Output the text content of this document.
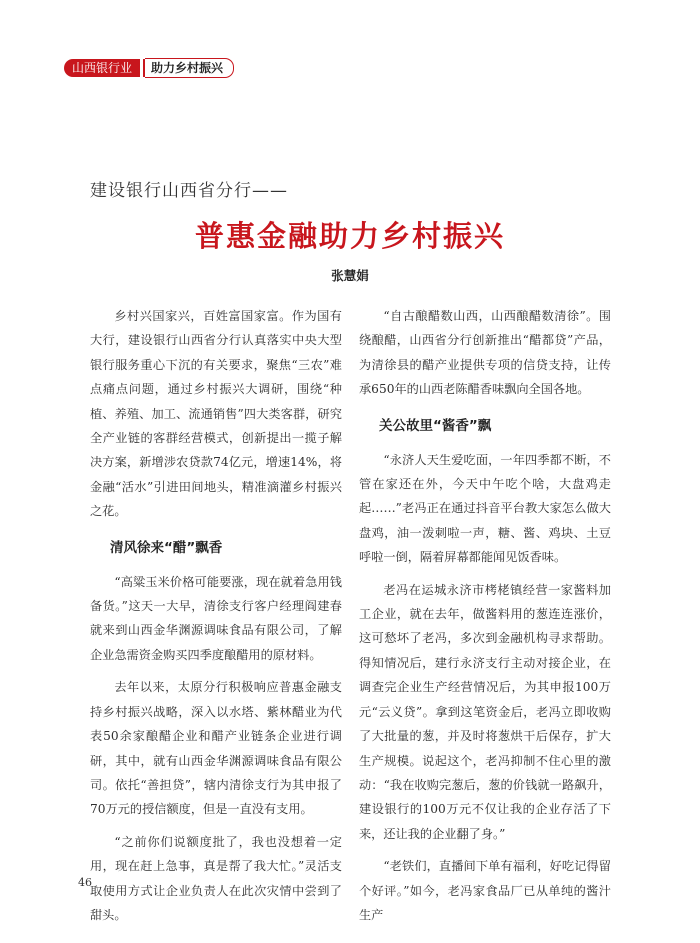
山西银行业	助力乡村振兴
建设银行山西省分行——
普惠金融助力乡村振兴
张慧娟

乡村兴国家兴，百姓富国家富。作为国有大行，建设银行山西省分行认真落实中央大型银行服务重心下沉的有关要求，聚焦“三农”难点痛点问题，通过乡村振兴大调研，围绕“种植、养殖、加工、流通销售”四大类客群，研究全产业链的客群经营模式，创新提出一揽子解决方案，新增涉农贷款74亿元，增速14%，将金融“活水”引进田间地头，精准滴灌乡村振兴之花。

清风徐来“醋”飘香

“高粱玉米价格可能要涨，现在就着急用钱备货。”这天一大早，清徐支行客户经理阎建春就来到山西金华渊源调味食品有限公司，了解企业急需资金购买四季度酿醋用的原材料。

去年以来，太原分行积极响应普惠金融支持乡村振兴战略，深入以水塔、紫林醋业为代表50余家酿醋企业和醋产业链条企业进行调研，其中，就有山西金华渊源调味食品有限公司。依托“善担贷”，辖内清徐支行为其申报了70万元的授信额度，但是一直没有支用。

“之前你们说额度批了，我也没想着一定用，现在赶上急事，真是帮了我大忙。”灵活支取使用方式让企业负责人在此次灾情中尝到了甜头。

“自古酿醋数山西，山西酿醋数清徐”。围绕酿醋，山西省分行创新推出“醋都贷”产品，为清徐县的醋产业提供专项的信贷支持，让传承650年的山西老陈醋香味飘向全国各地。

关公故里“酱香”飘

“永济人天生爱吃面，一年四季都不断，不管在家还在外，今天中午吃个啥，大盘鸡走起……”老冯正在通过抖音平台教大家怎么做大盘鸡，油一泼刺啦一声，糖、酱、鸡块、土豆呼啦一倒，隔着屏幕都能闻见饭香味。

老冯在运城永济市栲栳镇经营一家酱料加工企业，就在去年，做酱料用的葱连连涨价，这可愁坏了老冯，多次到金融机构寻求帮助。得知情况后，建行永济支行主动对接企业，在调查完企业生产经营情况后，为其申报100万元“云义贷”。拿到这笔资金后，老冯立即收购了大批量的葱，并及时将葱烘干后保存，扩大生产规模。说起这个，老冯抑制不住心里的激动：“我在收购完葱后，葱的价钱就一路飙升，建设银行的100万元不仅让我的企业存活了下来，还让我的企业翻了身。”

“老铁们，直播间下单有福利，好吃记得留个好评。”如今，老冯家食品厂已从单纯的酱汁生产

46
